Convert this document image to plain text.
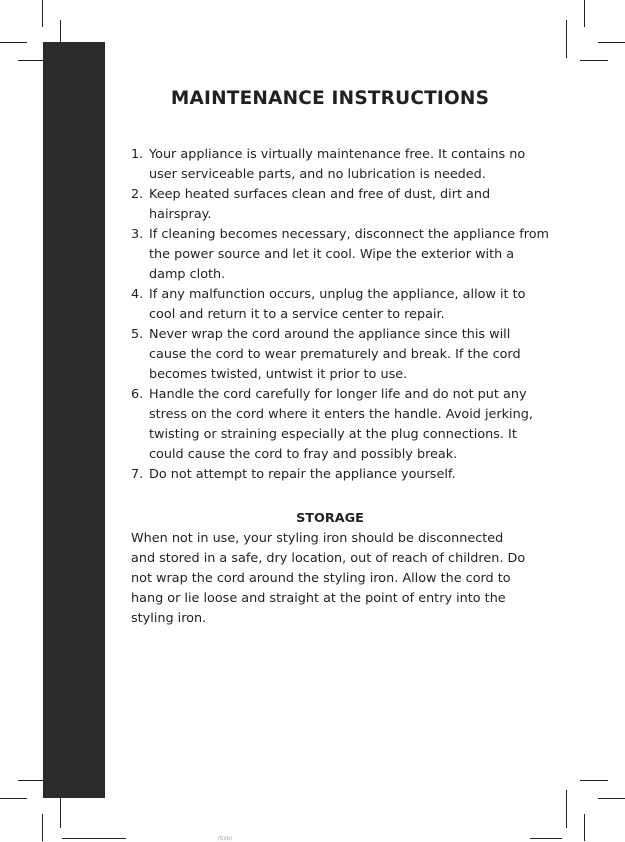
MAINTENANCE INSTRUCTIONS
1. Your appliance is virtually maintenance free. It contains no user serviceable parts, and no lubrication is needed.
2. Keep heated surfaces clean and free of dust, dirt and hairspray.
3. If cleaning becomes necessary, disconnect the appliance from the power source and let it cool. Wipe the exterior with a damp cloth.
4. If any malfunction occurs, unplug the appliance, allow it to cool and return it to a service center to repair.
5. Never wrap the cord around the appliance since this will cause the cord to wear prematurely and break. If the cord becomes twisted, untwist it prior to use.
6. Handle the cord carefully for longer life and do not put any stress on the cord where it enters the handle. Avoid jerking, twisting or straining especially at the plug connections. It could cause the cord to fray and possibly break.
7. Do not attempt to repair the appliance yourself.
STORAGE

When not in use, your styling iron should be disconnected and stored in a safe, dry location, out of reach of children. Do not wrap the cord around the styling iron. Allow the cord to hang or lie loose and straight at the point of entry into the styling iron.

(5)(b)
